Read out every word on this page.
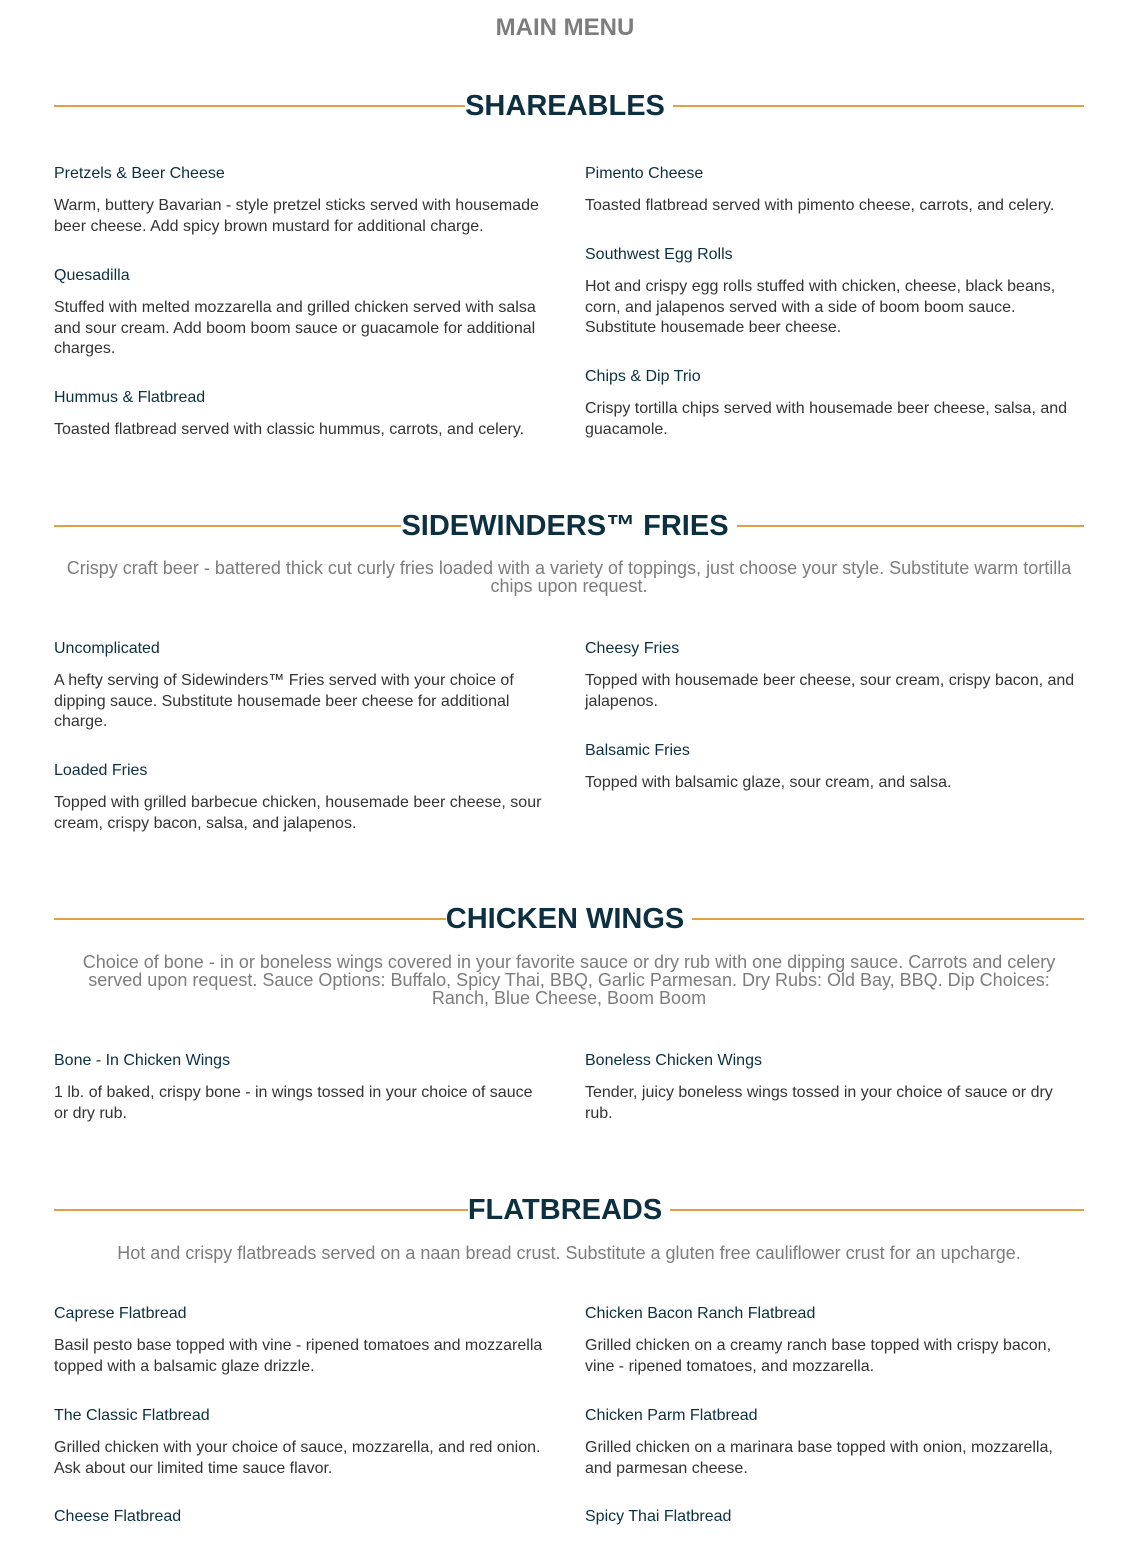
MAIN MENU
SHAREABLES
Pretzels & Beer Cheese

Warm, buttery Bavarian - style pretzel sticks served with housemade beer cheese. Add spicy brown mustard for additional charge.

Pimento Cheese

Toasted flatbread served with pimento cheese, carrots, and celery.

Quesadilla

Stuffed with melted mozzarella and grilled chicken served with salsa and sour cream. Add boom boom sauce or guacamole for additional charges.

Southwest Egg Rolls

Hot and crispy egg rolls stuffed with chicken, cheese, black beans, corn, and jalapenos served with a side of boom boom sauce. Substitute housemade beer cheese.

Hummus & Flatbread

Toasted flatbread served with classic hummus, carrots, and celery.

Chips & Dip Trio

Crispy tortilla chips served with housemade beer cheese, salsa, and guacamole.

SIDEWINDERS™ FRIES

Crispy craft beer - battered thick cut curly fries loaded with a variety of toppings, just choose your style. Substitute warm tortilla chips upon request.

Uncomplicated

A hefty serving of Sidewinders™ Fries served with your choice of dipping sauce. Substitute housemade beer cheese for additional charge.

Cheesy Fries

Topped with housemade beer cheese, sour cream, crispy bacon, and jalapenos.

Loaded Fries

Topped with grilled barbecue chicken, housemade beer cheese, sour cream, crispy bacon, salsa, and jalapenos.

Balsamic Fries

Topped with balsamic glaze, sour cream, and salsa.

CHICKEN WINGS

Choice of bone - in or boneless wings covered in your favorite sauce or dry rub with one dipping sauce. Carrots and celery served upon request. Sauce Options: Buffalo, Spicy Thai, BBQ, Garlic Parmesan. Dry Rubs: Old Bay, BBQ. Dip Choices: Ranch, Blue Cheese, Boom Boom

Bone - In Chicken Wings

1 lb. of baked, crispy bone - in wings tossed in your choice of sauce or dry rub.

Boneless Chicken Wings

Tender, juicy boneless wings tossed in your choice of sauce or dry rub.

FLATBREADS

Hot and crispy flatbreads served on a naan bread crust. Substitute a gluten free cauliflower crust for an upcharge.

Caprese Flatbread

Basil pesto base topped with vine - ripened tomatoes and mozzarella topped with a balsamic glaze drizzle.

Chicken Bacon Ranch Flatbread

Grilled chicken on a creamy ranch base topped with crispy bacon, vine - ripened tomatoes, and mozzarella.

The Classic Flatbread

Grilled chicken with your choice of sauce, mozzarella, and red onion. Ask about our limited time sauce flavor.

Chicken Parm Flatbread

Grilled chicken on a marinara base topped with onion, mozzarella, and parmesan cheese.

Cheese Flatbread	Spicy Thai Flatbread
